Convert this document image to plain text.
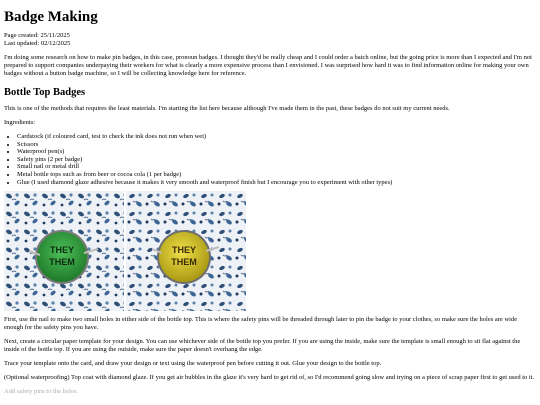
Badge Making
Page created: 25/11/2025
Last updated: 02/12/2025

I'm doing some research on how to make pin badges, in this case, pronoun badges. I thought they'd be really cheap and I could order a batch online, but the going price is more than I expected and I'm not prepared to support companies underpaying their workers for what is clearly a more expensive process than I envisioned. I was surprised how hard it was to find information online for making your own badges without a button badge machine, so I will be collecting knowledge here for reference.

Bottle Top Badges

This is one of the methods that requires the least materials. I'm starting the list here because although I've made them in the past, these badges do not suit my current needs.

Ingredients:

• Cardstock (if coloured card, test to check the ink does not run when wet)
• Scissors
• Waterproof pen(s)
• Safety pins (2 per badge)
• Small nail or metal drill
• Metal bottle tops such as from beer or cocoa cola (1 per badge)
• Glue (I used diamond glaze adhesive because it makes it very smooth and waterproof finish but I encourage you to experiment with other types)
THEY
THEM
THEY
THEM

First, use the nail to make two small holes in either side of the bottle top. This is where the safety pins will be threaded through later to pin the badge to your clothes, so make sure the holes are wide enough for the safety pins you have.

Next, create a circular paper template for your design. You can use whichever side of the bottle top you prefer. If you are using the inside, make sure the template is small enough to sit flat against the inside of the bottle top. If you are using the outside, make sure the paper doesn't overhang the edge.

Trace your template onto the card, and draw your design or text using the waterproof pen before cutting it out. Glue your design to the bottle top.

(Optional waterproofing) Top coat with diamond glaze. If you get air bubbles in the glaze it's very hard to get rid of, so I'd recommend going slow and trying on a piece of scrap paper first to get used to it.

Add safety pins to the holes.
